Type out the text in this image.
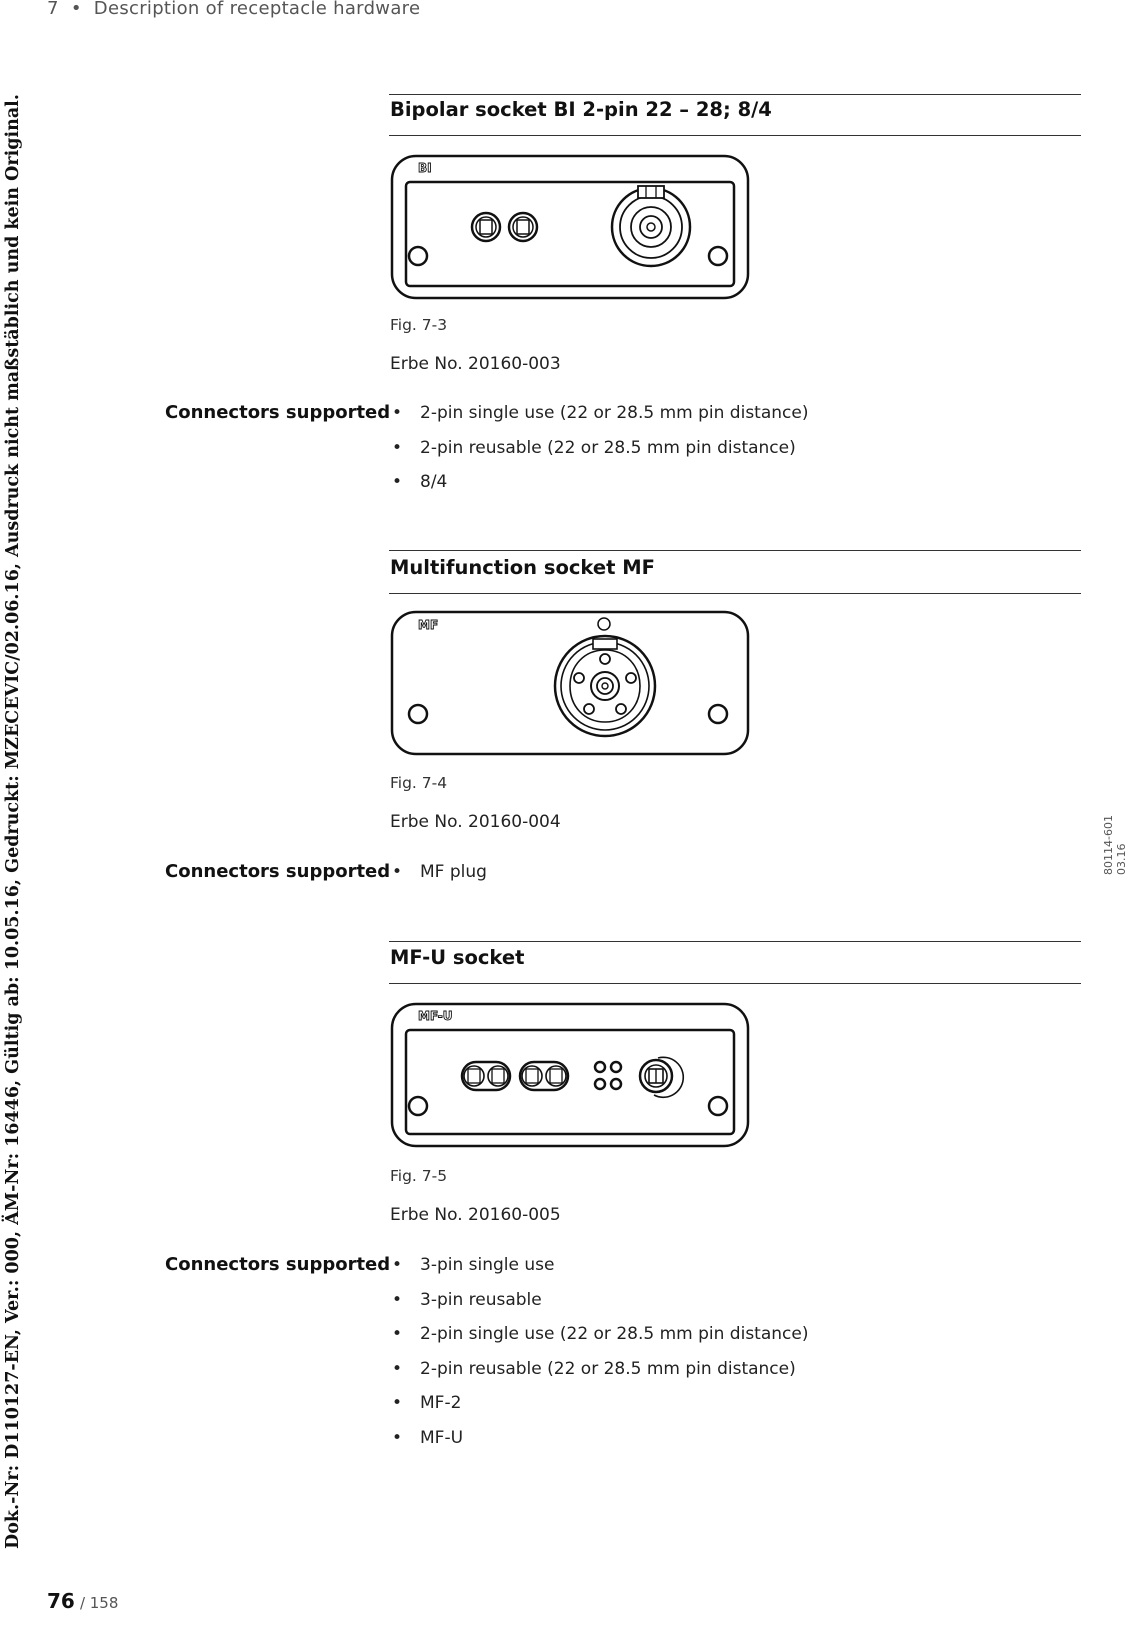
7 • Description of receptacle hardware
Bipolar socket BI 2-pin 22 – 28; 8/4
BI
Fig. 7-3
Erbe No. 20160-003
Connectors supported	• 2-pin single use (22 or 28.5 mm pin distance)
• 2-pin reusable (22 or 28.5 mm pin distance)
• 8/4
Multifunction socket MF
MF
Fig. 7-4
Erbe No. 20160-004
Connectors supported	• MF plug
MF-U socket
MF-U
Fig. 7-5
Erbe No. 20160-005
Connectors supported	• 3-pin single use
• 3-pin reusable
• 2-pin single use (22 or 28.5 mm pin distance)
• 2-pin reusable (22 or 28.5 mm pin distance)
• MF-2
• MF-U
76 / 158
80114-601 03.16
Dok.-Nr: D110127-EN, Ver.: 000, ÄM-Nr: 16446, Gültig ab: 10.05.16, Gedruckt: MZECEVIC/02.06.16, Ausdruck nicht maßstäblich und kein Original.
